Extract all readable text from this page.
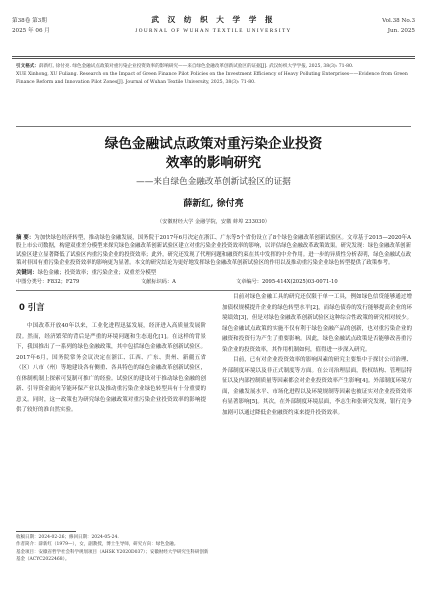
第38卷 第3期
2025 年 06 月
武 汉 纺 织 大 学 学 报
JOURNAL OF WUHAN TEXTILE UNIVERSITY
Vol.38 No.3
Jun. 2025
引文格式：薛新红, 徐付亮. 绿色金融试点政策对重污染企业投资效率的影响研究——来自绿色金融改革创新试验区的证据[J]. 武汉纺织大学学报, 2025, 38(3): 71-80.
XUE Xinhong, XU Fuliang. Research on the Impact of Green Finance Pilot Policies on the Investment Efficiency of Heavy Polluting Enterprises——Evidence from Green Finance Reform and Innovation Pilot Zones[J]. Journal of Wuhan Textile University, 2025, 38(3): 71-80.
绿色金融试点政策对重污染企业投资
效率的影响研究
——来自绿色金融改革创新试验区的证据
薛新红, 徐付亮
（安徽财经大学 金融学院，安徽 蚌埠 233030）
摘 要：为加快绿色经济转型，推动绿色金融发展，国务院于2017年6月决定在浙江、广东等5个省份设立了8个绿色金融改革创新试验区。文章基于2015—2020年A股上市公司数据，构建双重差分模型来探究绿色金融改革创新试验区建立对重污染企业投资效率的影响，以评估绿色金融改革政策效果。研究发现：绿色金融改革创新试验区建立显著降低了试验区内重污染企业的投资效率；此外，研究还发现了代理问题和融资约束在其中发挥的中介作用。进一步的异质性分析表明，绿色金融试点政策对非国有重污染企业投资效率的影响更为显著。本文的研究结论为更好地发挥绿色金融改革创新试验区的作用以及推动重污染企业绿色转型提供了政策参考。
关键词：绿色金融；投资效率；重污染企业；双重差分模型
中图分类号：F832；F279	文献标识码：A	文章编号：2095-414X(2025)03-0071-10
0 引言

中国改革开放40年以来，工业化进程迅猛发展，经济进入高质量发展阶段。然而，经济繁荣的背后是严重的环境问题和生态退化[1]。在这样的背景下，我国推出了一系列的绿色金融政策，其中包括绿色金融改革创新试验区。2017年6月，国务院常务会议决定在浙江、江西、广东、贵州、新疆五省（区）八市（州）等地建设各有侧重、各具特色的绿色金融改革创新试验区，在体制机制上探索可复制可推广的经验。试验区的建设对于推动绿色金融的创新、引导资金流向节能环保产业以及推动重污染企业绿色转型具有十分重要的意义。同时，这一政策也为研究绿色金融政策对重污染企业投资效率的影响提供了较好的准自然实验。

目前对绿色金融工具的研究还仅限于单一工具，例如绿色信贷能够通过增加债权规模提升企业的绿色转型水平[2]，而绿色债券的发行能够提高企业的环境绩效[3]，但是对绿色金融改革创新试验区这种综合性政策的研究相对较少。绿色金融试点政策的实施不仅有利于绿色金融产品的创新，也对重污染企业的融资和投资行为产生了重要影响。因此，绿色金融试点政策是否能够改善重污染企业的投资效率，其作用机制如何，值得进一步深入研究。

目前，已有对企业投资效率的影响因素的研究主要集中于探讨公司治理、外部制度环境以及非正式制度等方面。在公司治理层面，股权结构、管理层特征以及内部控制质量等因素都会对企业投资效率产生影响[4]。外部制度环境方面，金融发展水平、市场化进程以及环境规制等因素也被证实对企业投资效率有显著影响[5]。其次，在外部制度环境层面，李志生和张研究发现，银行竞争加剧可以通过降低企业融资约束来提升投资效率。

收稿日期：2024-02-26；修回日期：2024-05-24.
作者简介：薛新红（1979—），女，副教授，博士生导师，研究方向：绿色金融。
基金项目：安徽省哲学社会科学规划项目（AHSK Y2020D037）；安徽财经大学研究生科研创新基金（ACYC2022468）。
